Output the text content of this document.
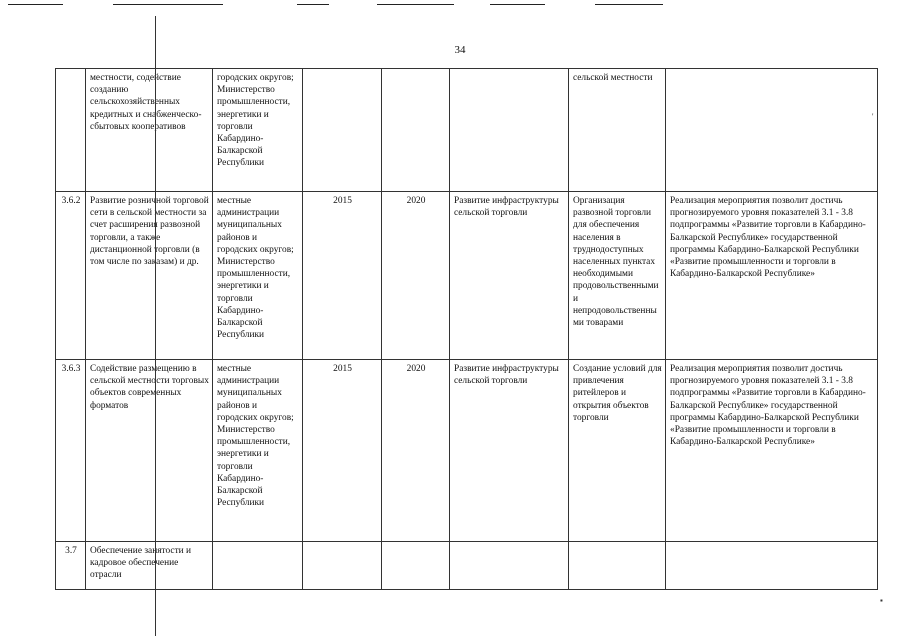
34
	местности, содействие созданию сельскохозяйственных кредитных и снабженческо-сбытовых кооперативов	городских округов; Министерство промышленности, энергетики и торговли Кабардино-Балкарской Республики				сельской местности	
3.6.2	Развитие розничной торговой сети в сельской местности за счет расширения развозной торговли, а также дистанционной торговли (в том числе по заказам) и др.	местные администрации муниципальных районов и городских округов; Министерство промышленности, энергетики и торговли Кабардино-Балкарской Республики	2015	2020	Развитие инфраструктуры сельской торговли	Организация развозной торговли для обеспечения населения в труднодоступных населенных пунктах необходимыми продовольственными и непродовольственными товарами	Реализация мероприятия позволит достичь прогнозируемого уровня показателей 3.1 - 3.8 подпрограммы «Развитие торговли в Кабардино-Балкарской Республике» государственной программы Кабардино-Балкарской Республики «Развитие промышленности и торговли в Кабардино-Балкарской Республике»
3.6.3	Содействие размещению в сельской местности торговых объектов современных форматов	местные администрации муниципальных районов и городских округов; Министерство промышленности, энергетики и торговли Кабардино-Балкарской Республики	2015	2020	Развитие инфраструктуры сельской торговли	Создание условий для привлечения ритейлеров и открытия объектов торговли	Реализация мероприятия позволит достичь прогнозируемого уровня показателей 3.1 - 3.8 подпрограммы «Развитие торговли в Кабардино-Балкарской Республике» государственной программы Кабардино-Балкарской Республики «Развитие промышленности и торговли в Кабардино-Балкарской Республике»
3.7	Обеспечение занятости и кадровое обеспечение отрасли						
'
▪
